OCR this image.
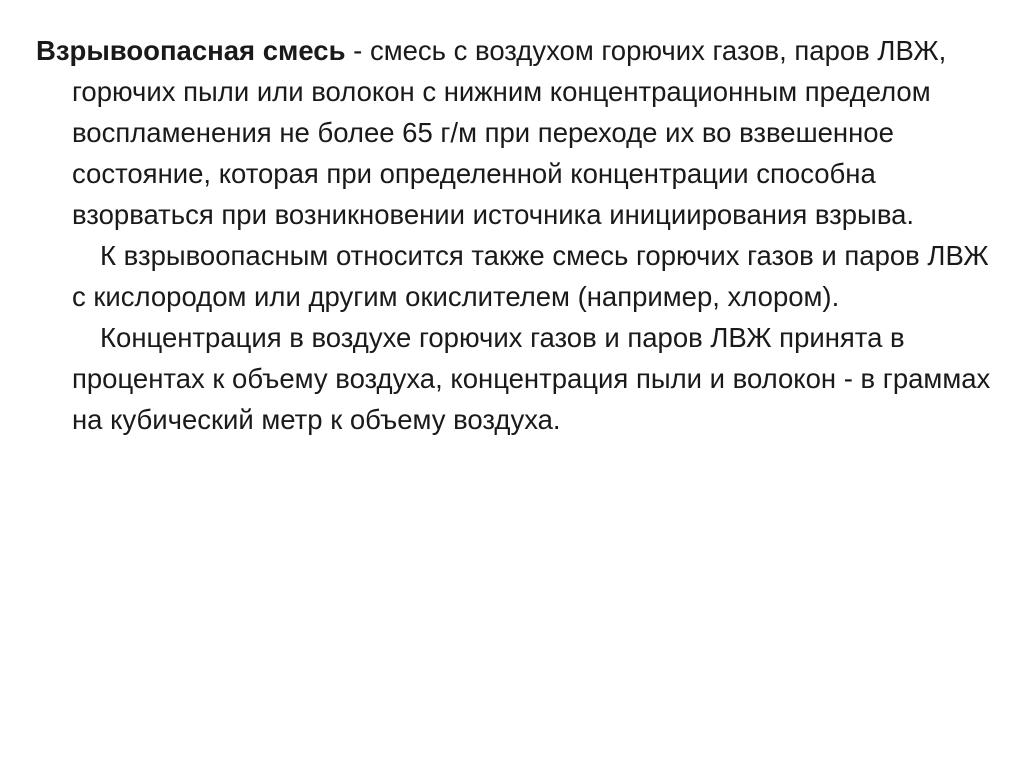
Взрывоопасная смесь - смесь с воздухом горючих газов, паров ЛВЖ, горючих пыли или волокон с нижним концентрационным пределом воспламенения не более 65 г/м при переходе их во взвешенное состояние, которая при определенной концентрации способна взорваться при возникновении источника инициирования взрыва.

К взрывоопасным относится также смесь горючих газов и паров ЛВЖ с кислородом или другим окислителем (например, хлором).

Концентрация в воздухе горючих газов и паров ЛВЖ принята в процентах к объему воздуха, концентрация пыли и волокон - в граммах на кубический метр к объему воздуха.
